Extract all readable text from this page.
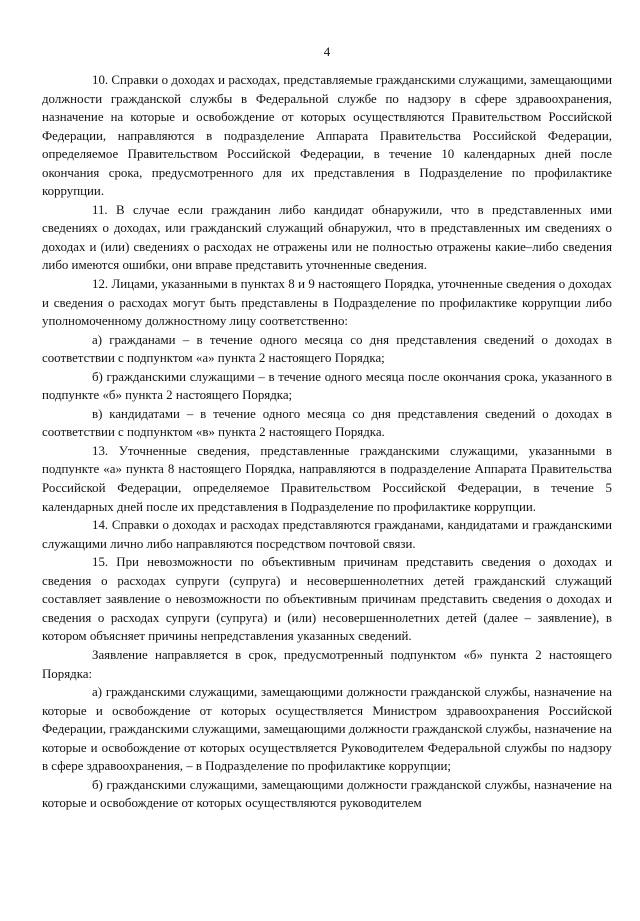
4

10. Справки о доходах и расходах, представляемые гражданскими служащими, замещающими должности гражданской службы в Федеральной службе по надзору в сфере здравоохранения, назначение на которые и освобождение от которых осуществляются Правительством Российской Федерации, направляются в подразделение Аппарата Правительства Российской Федерации, определяемое Правительством Российской Федерации, в течение 10 календарных дней после окончания срока, предусмотренного для их представления в Подразделение по профилактике коррупции.

11. В случае если гражданин либо кандидат обнаружили, что в представленных ими сведениях о доходах, или гражданский служащий обнаружил, что в представленных им сведениях о доходах и (или) сведениях о расходах не отражены или не полностью отражены какие–либо сведения либо имеются ошибки, они вправе представить уточненные сведения.

12. Лицами, указанными в пунктах 8 и 9 настоящего Порядка, уточненные сведения о доходах и сведения о расходах могут быть представлены в Подразделение по профилактике коррупции либо уполномоченному должностному лицу соответственно:

а) гражданами – в течение одного месяца со дня представления сведений о доходах в соответствии с подпунктом «а» пункта 2 настоящего Порядка;

б) гражданскими служащими – в течение одного месяца после окончания срока, указанного в подпункте «б» пункта 2 настоящего Порядка;

в) кандидатами – в течение одного месяца со дня представления сведений о доходах в соответствии с подпунктом «в» пункта 2 настоящего Порядка.

13. Уточненные сведения, представленные гражданскими служащими, указанными в подпункте «а» пункта 8 настоящего Порядка, направляются в подразделение Аппарата Правительства Российской Федерации, определяемое Правительством Российской Федерации, в течение 5 календарных дней после их представления в Подразделение по профилактике коррупции.

14. Справки о доходах и расходах представляются гражданами, кандидатами и гражданскими служащими лично либо направляются посредством почтовой связи.

15. При невозможности по объективным причинам представить сведения о доходах и сведения о расходах супруги (супруга) и несовершеннолетних детей гражданский служащий составляет заявление о невозможности по объективным причинам представить сведения о доходах и сведения о расходах супруги (супруга) и (или) несовершеннолетних детей (далее – заявление), в котором объясняет причины непредставления указанных сведений.

Заявление направляется в срок, предусмотренный подпунктом «б» пункта 2 настоящего Порядка:

а) гражданскими служащими, замещающими должности гражданской службы, назначение на которые и освобождение от которых осуществляется Министром здравоохранения Российской Федерации, гражданскими служащими, замещающими должности гражданской службы, назначение на которые и освобождение от которых осуществляется Руководителем Федеральной службы по надзору в сфере здравоохранения, – в Подразделение по профилактике коррупции;

б) гражданскими служащими, замещающими должности гражданской службы, назначение на которые и освобождение от которых осуществляются руководителем
